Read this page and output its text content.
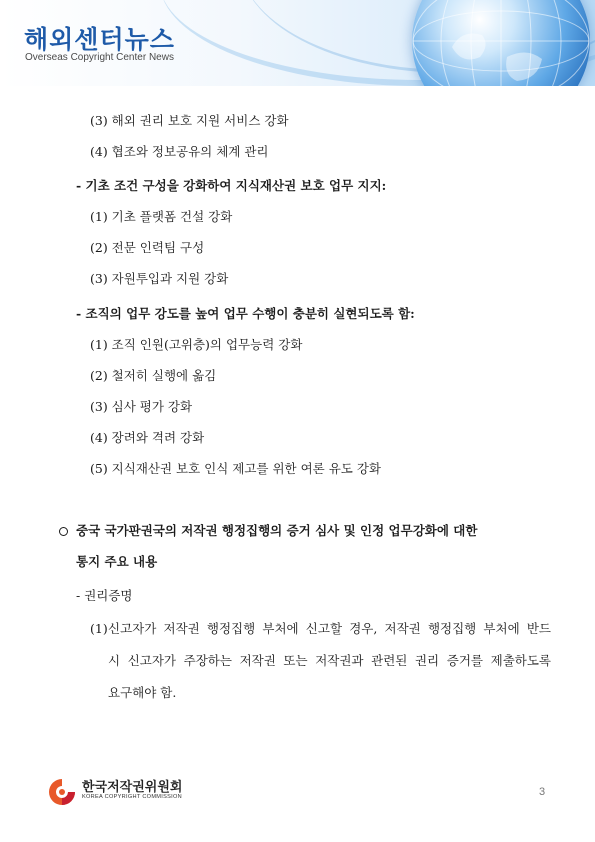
해외센터뉴스
Overseas Copyright Center News
(3) 해외 권리 보호 지원 서비스 강화
(4) 협조와 정보공유의 체계 관리
- 기초 조건 구성을 강화하여 지식재산권 보호 업무 지지:
(1) 기초 플랫폼 건설 강화
(2) 전문 인력팀 구성
(3) 자원투입과 지원 강화
- 조직의 업무 강도를 높여 업무 수행이 충분히 실현되도록 함:
(1) 조직 인원(고위층)의 업무능력 강화
(2) 철저히 실행에 옮김
(3) 심사 평가 강화
(4) 장려와 격려 강화
(5) 지식재산권 보호 인식 제고를 위한 여론 유도 강화
중국 국가판권국의 저작권 행정집행의 증거 심사 및 인정 업무강화에 대한
통지 주요 내용
- 권리증명
(1) 신고자가 저작권 행정집행 부처에 신고할 경우, 저작권 행정집행 부처에 반드
시 신고자가 주장하는 저작권 또는 저작권과 관련된 권리 증거를 제출하도록
요구해야 함.
한국저작권위원회
KOREA COPYRIGHT COMMISSION	3
